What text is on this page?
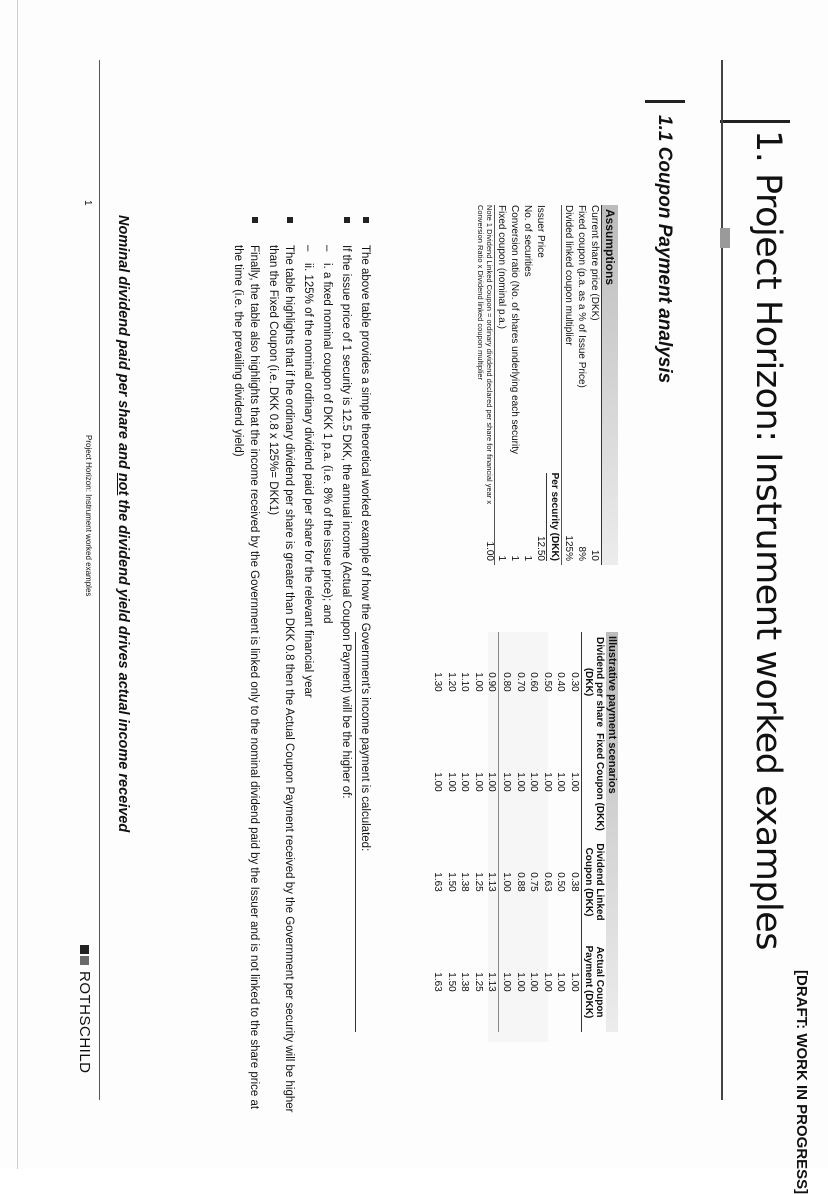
[DRAFT: WORK IN PROGRESS]
1. Project Horizon: Instrument worked examples
1.1 Coupon Payment analysis
Assumptions
Current share price (DKK)
10
Fixed coupon (p.a. as a % of Issue Price)
8%
Divided linked coupon multiplier
125%
Per security (DKK)
Issuer Price
12.50
No. of securities
1
Conversion ratio (No. of shares underlying each security
1
Fixed coupon (nominal p.a.)
1
Note 1 Dividend Linked Coupon = ordinary dividend declared per share for financial year x Conversion Ratio x Dividend linked coupon multiplier
1.00
Illustrative payment scenarios
Dividend per share (DKK)
Fixed Coupon (DKK)
Dividend Linked Coupon (DKK)
Actual Coupon Payment (DKK)
0.30
1.00
0.38
1.00
0.40
1.00
0.50
1.00
0.50
1.00
0.63
1.00
0.60
1.00
0.75
1.00
0.70
1.00
0.88
1.00
0.80
1.00
1.00
1.00
0.90
1.00
1.13
1.13
1.00
1.00
1.25
1.25
1.10
1.00
1.38
1.38
1.20
1.00
1.50
1.50
1.30
1.00
1.63
1.63
The above table provides a simple theoretical worked example of how the Government's income payment is calculated:
If the issue price of 1 security is 12.5 DKK, the annual income (Actual Coupon Payment) will be the higher of:
–
i. a fixed nominal coupon of DKK 1 p.a. (i.e. 8% of the issue price); and
–
ii. 125% of the nominal ordinary dividend paid per share for the relevant financial year
The table highlights that if the ordinary dividend per share is greater than DKK 0.8 then the Actual Coupon Payment received by the Government per security will be higher than the Fixed Coupon (i.e. DKK 0.8 x 125%= DKK1)
Finally, the table also highlights that the income received by the Government is linked only to the nominal dividend paid by the Issuer and is not linked to the share price at the time (i.e. the prevailing dividend yield)
Nominal dividend paid per share and not the dividend yield drives actual income received
1
Project Horizon: Instrument worked examples
ROTHSCHILD
